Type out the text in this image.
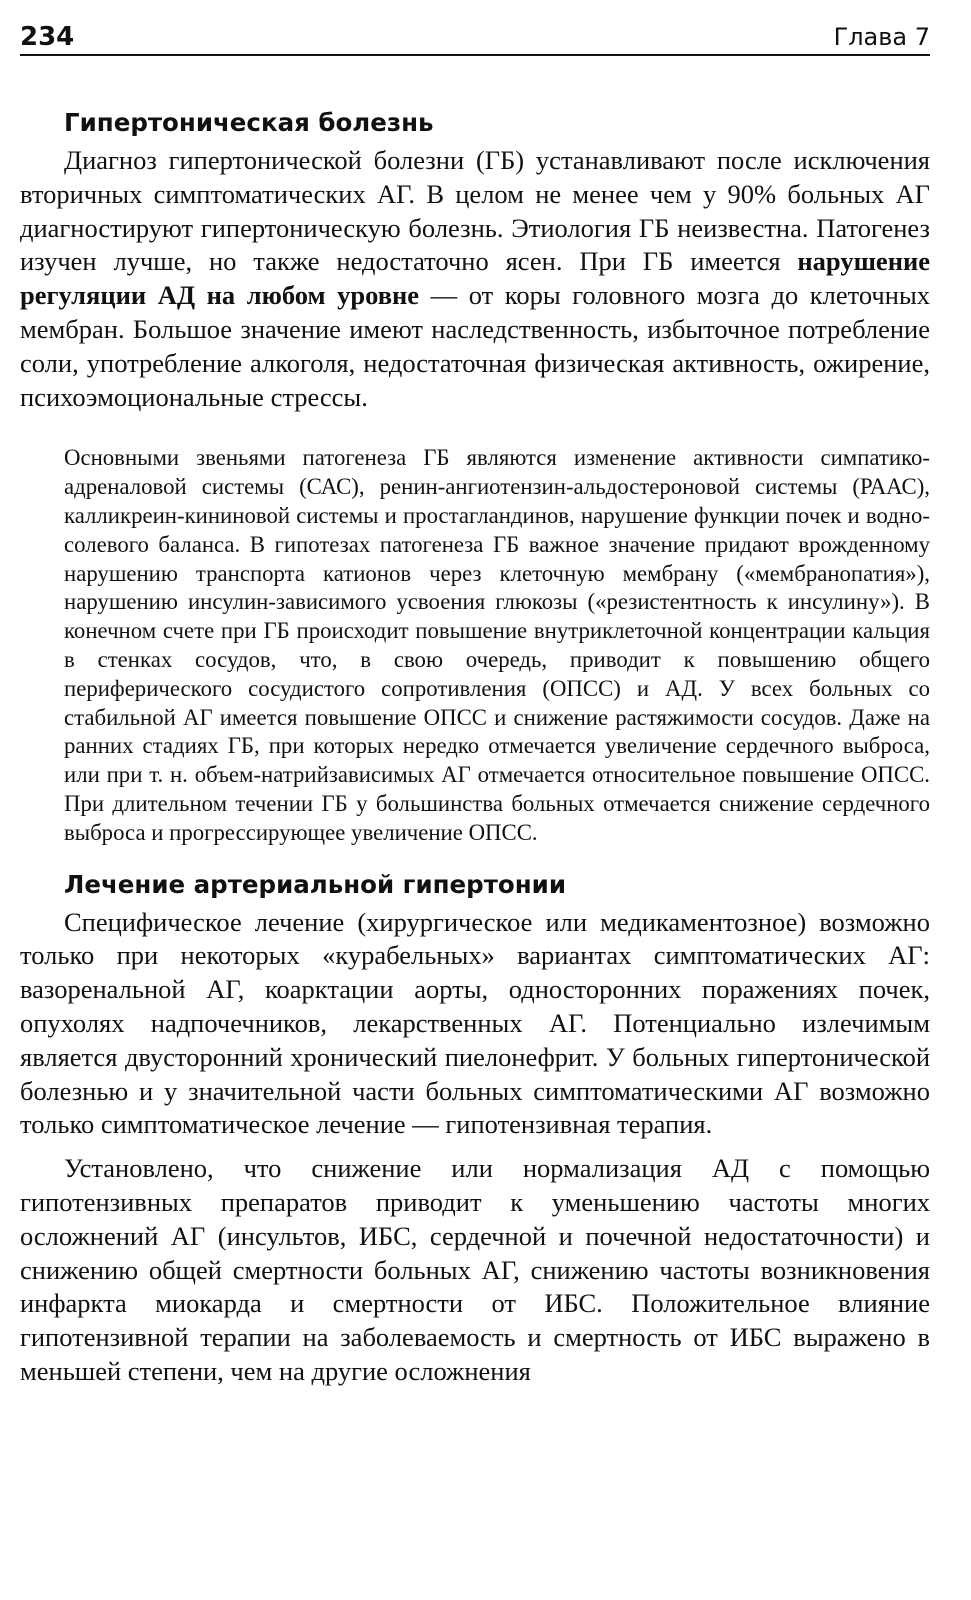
234	Глава 7
Гипертоническая болезнь

Диагноз гипертонической болезни (ГБ) устанавливают после исключения вторичных симптоматических АГ. В целом не менее чем у 90% больных АГ диагностируют гипертоническую болезнь. Этиология ГБ неизвестна. Патогенез изучен лучше, но также недостаточно ясен. При ГБ имеется нарушение регуляции АД на любом уровне — от коры головного мозга до клеточных мембран. Большое значение имеют наследственность, избыточное потребление соли, употребление алкоголя, недостаточная физическая активность, ожирение, психоэмоциональные стрессы.

Основными звеньями патогенеза ГБ являются изменение активности симпатико-адреналовой системы (САС), ренин-ангиотензин-альдостероновой системы (РААС), калликреин-кининовой системы и простагландинов, нарушение функции почек и водно-солевого баланса. В гипотезах патогенеза ГБ важное значение придают врожденному нарушению транспорта катионов через клеточную мембрану («мембранопатия»), нарушению инсулин-зависимого усвоения глюкозы («резистентность к инсулину»). В конечном счете при ГБ происходит повышение внутриклеточной концентрации кальция в стенках сосудов, что, в свою очередь, приводит к повышению общего периферического сосудистого сопротивления (ОПСС) и АД. У всех больных со стабильной АГ имеется повышение ОПСС и снижение растяжимости сосудов. Даже на ранних стадиях ГБ, при которых нередко отмечается увеличение сердечного выброса, или при т. н. объем-натрийзависимых АГ отмечается относительное повышение ОПСС. При длительном течении ГБ у большинства больных отмечается снижение сердечного выброса и прогрессирующее увеличение ОПСС.

Лечение артериальной гипертонии

Специфическое лечение (хирургическое или медикаментозное) возможно только при некоторых «курабельных» вариантах симптоматических АГ: вазоренальной АГ, коарктации аорты, односторонних поражениях почек, опухолях надпочечников, лекарственных АГ. Потенциально излечимым является двусторонний хронический пиелонефрит. У больных гипертонической болезнью и у значительной части больных симптоматическими АГ возможно только симптоматическое лечение — гипотензивная терапия.

Установлено, что снижение или нормализация АД с помощью гипотензивных препаратов приводит к уменьшению частоты многих осложнений АГ (инсультов, ИБС, сердечной и почечной недостаточности) и снижению общей смертности больных АГ, снижению частоты возникновения инфаркта миокарда и смертности от ИБС. Положительное влияние гипотензивной терапии на заболеваемость и смертность от ИБС выражено в меньшей степени, чем на другие осложнения
